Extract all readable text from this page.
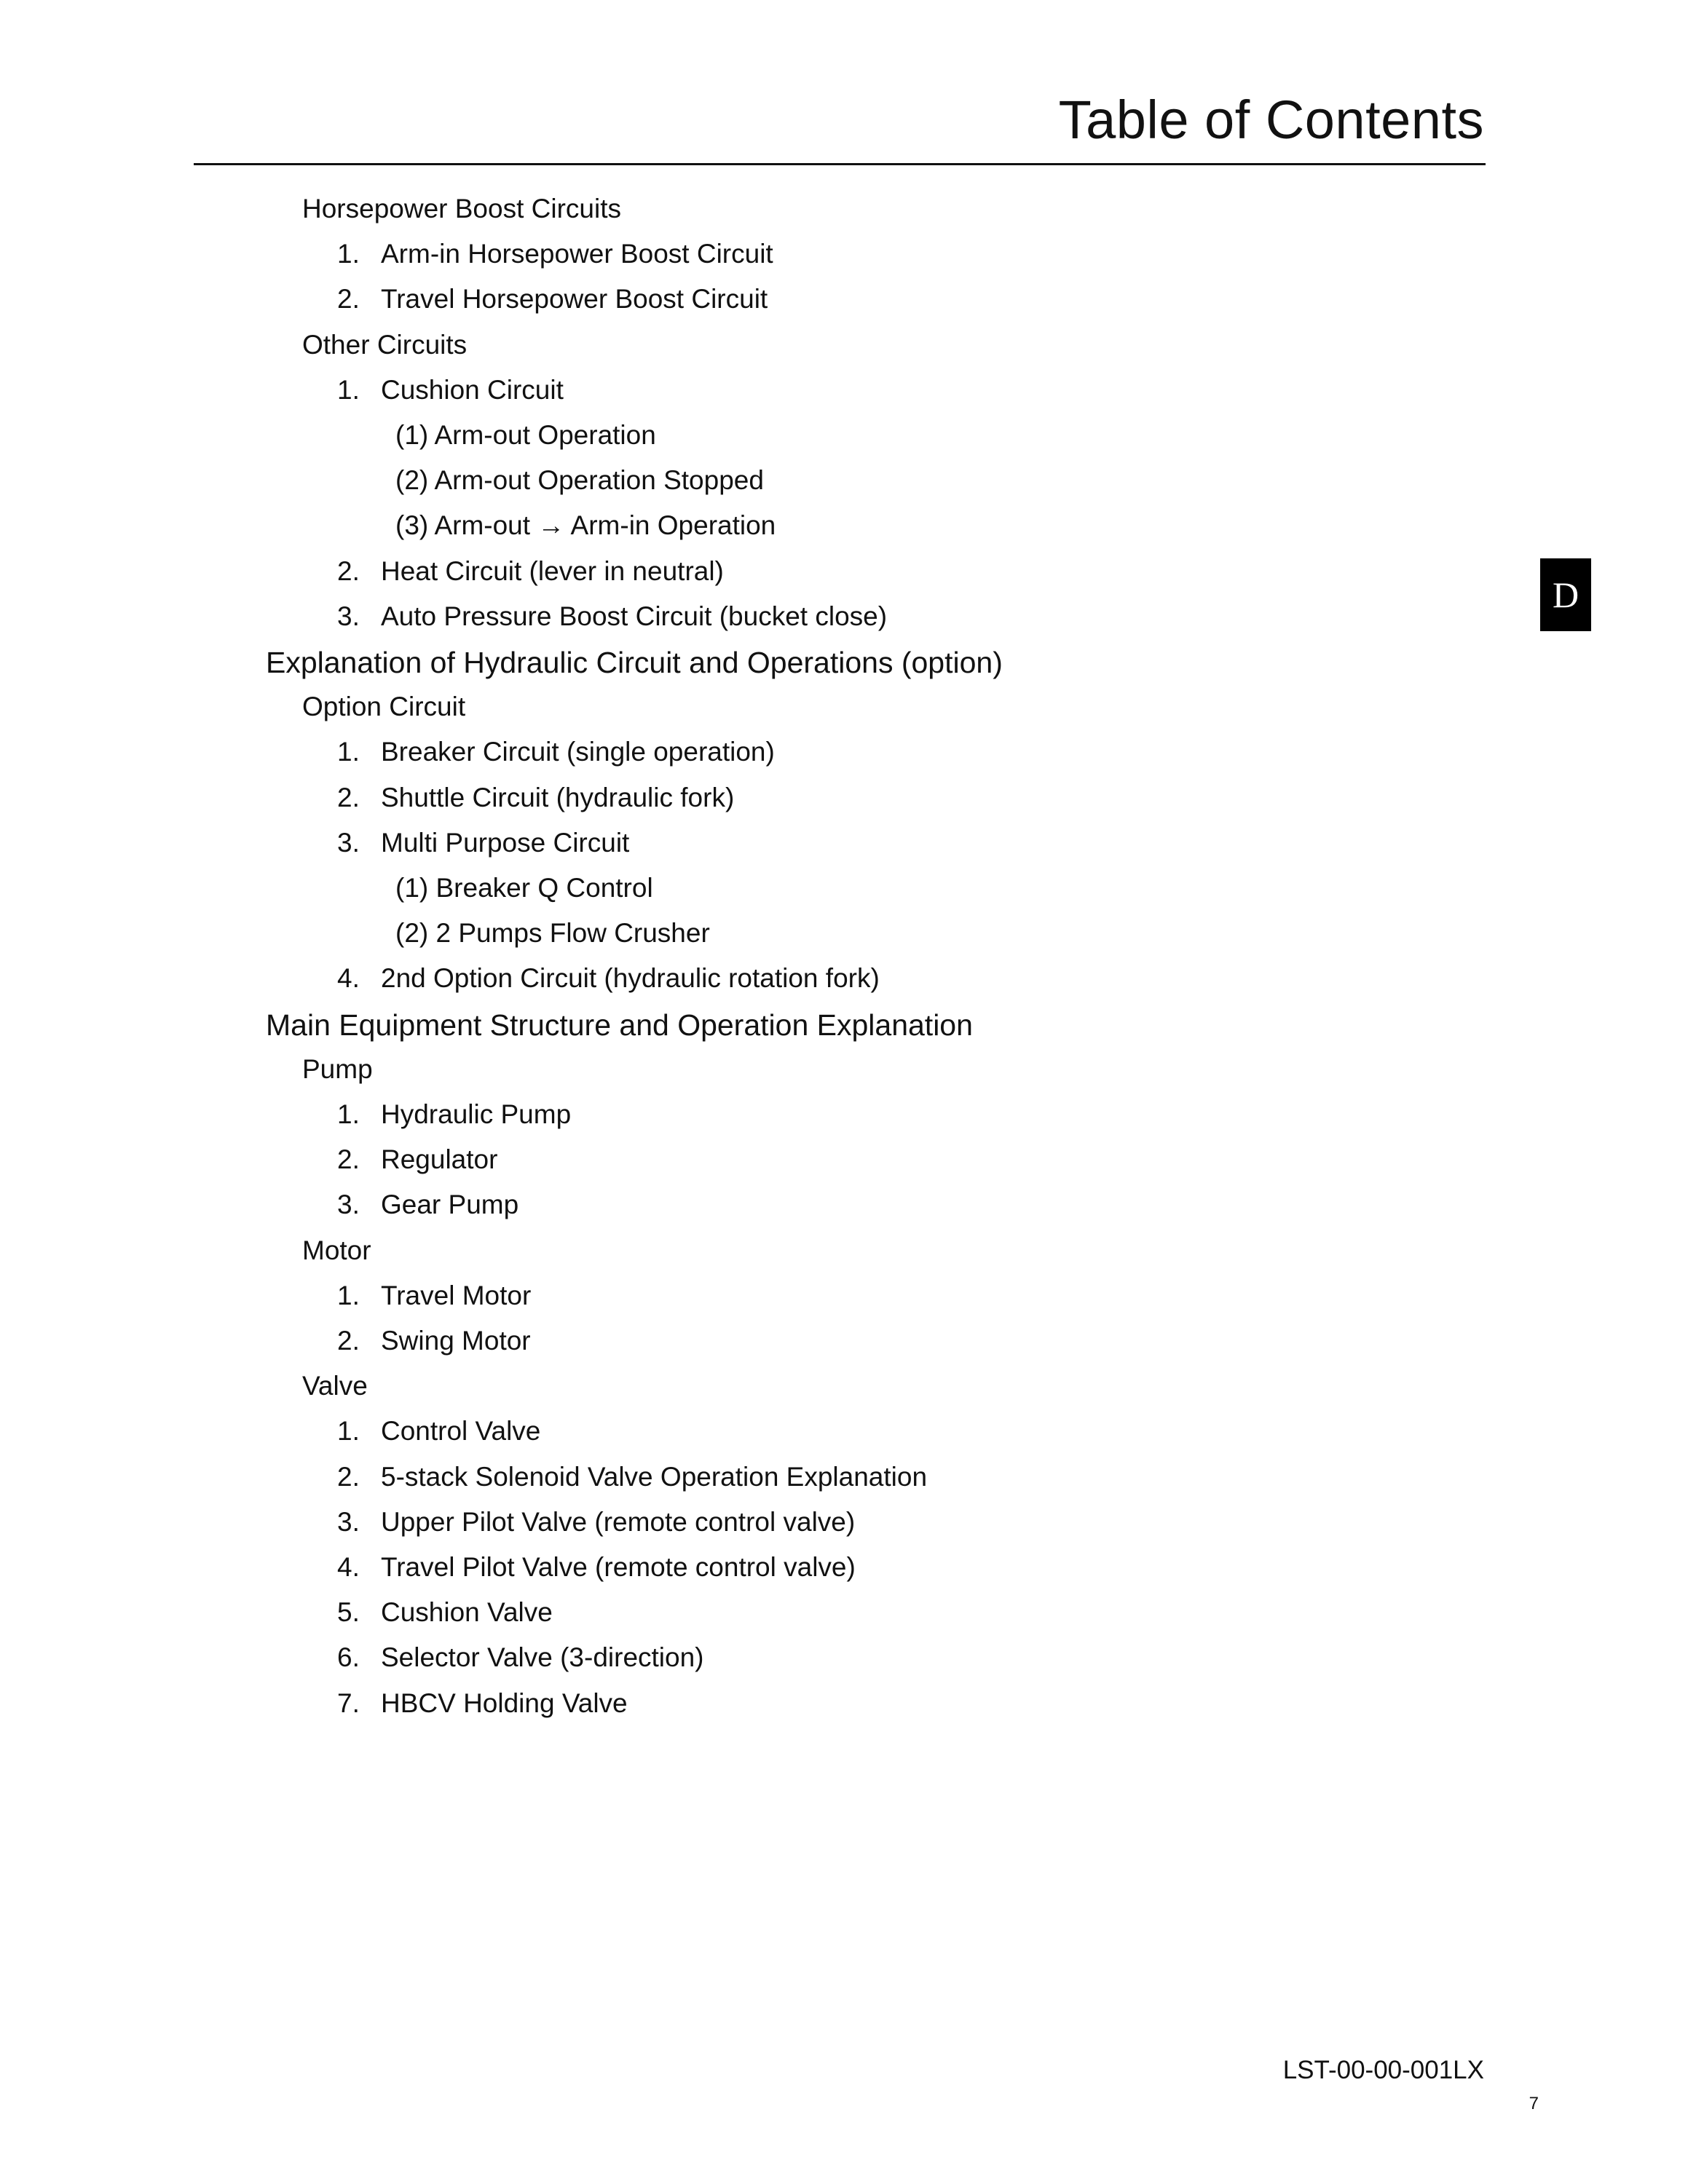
Table of Contents
D
Horsepower Boost Circuits
1. Arm-in Horsepower Boost Circuit
2. Travel Horsepower Boost Circuit
Other Circuits
1. Cushion Circuit
(1) Arm-out Operation
(2) Arm-out Operation Stopped
(3) Arm-out → Arm-in Operation
2. Heat Circuit (lever in neutral)
3. Auto Pressure Boost Circuit (bucket close)
Explanation of Hydraulic Circuit and Operations (option)
Option Circuit
1. Breaker Circuit (single operation)
2. Shuttle Circuit (hydraulic fork)
3. Multi Purpose Circuit
(1) Breaker Q Control
(2) 2 Pumps Flow Crusher
4. 2nd Option Circuit (hydraulic rotation fork)
Main Equipment Structure and Operation Explanation
Pump
1. Hydraulic Pump
2. Regulator
3. Gear Pump
Motor
1. Travel Motor
2. Swing Motor
Valve
1. Control Valve
2. 5-stack Solenoid Valve Operation Explanation
3. Upper Pilot Valve (remote control valve)
4. Travel Pilot Valve (remote control valve)
5. Cushion Valve
6. Selector Valve (3-direction)
7. HBCV Holding Valve
LST-00-00-001LX
7
